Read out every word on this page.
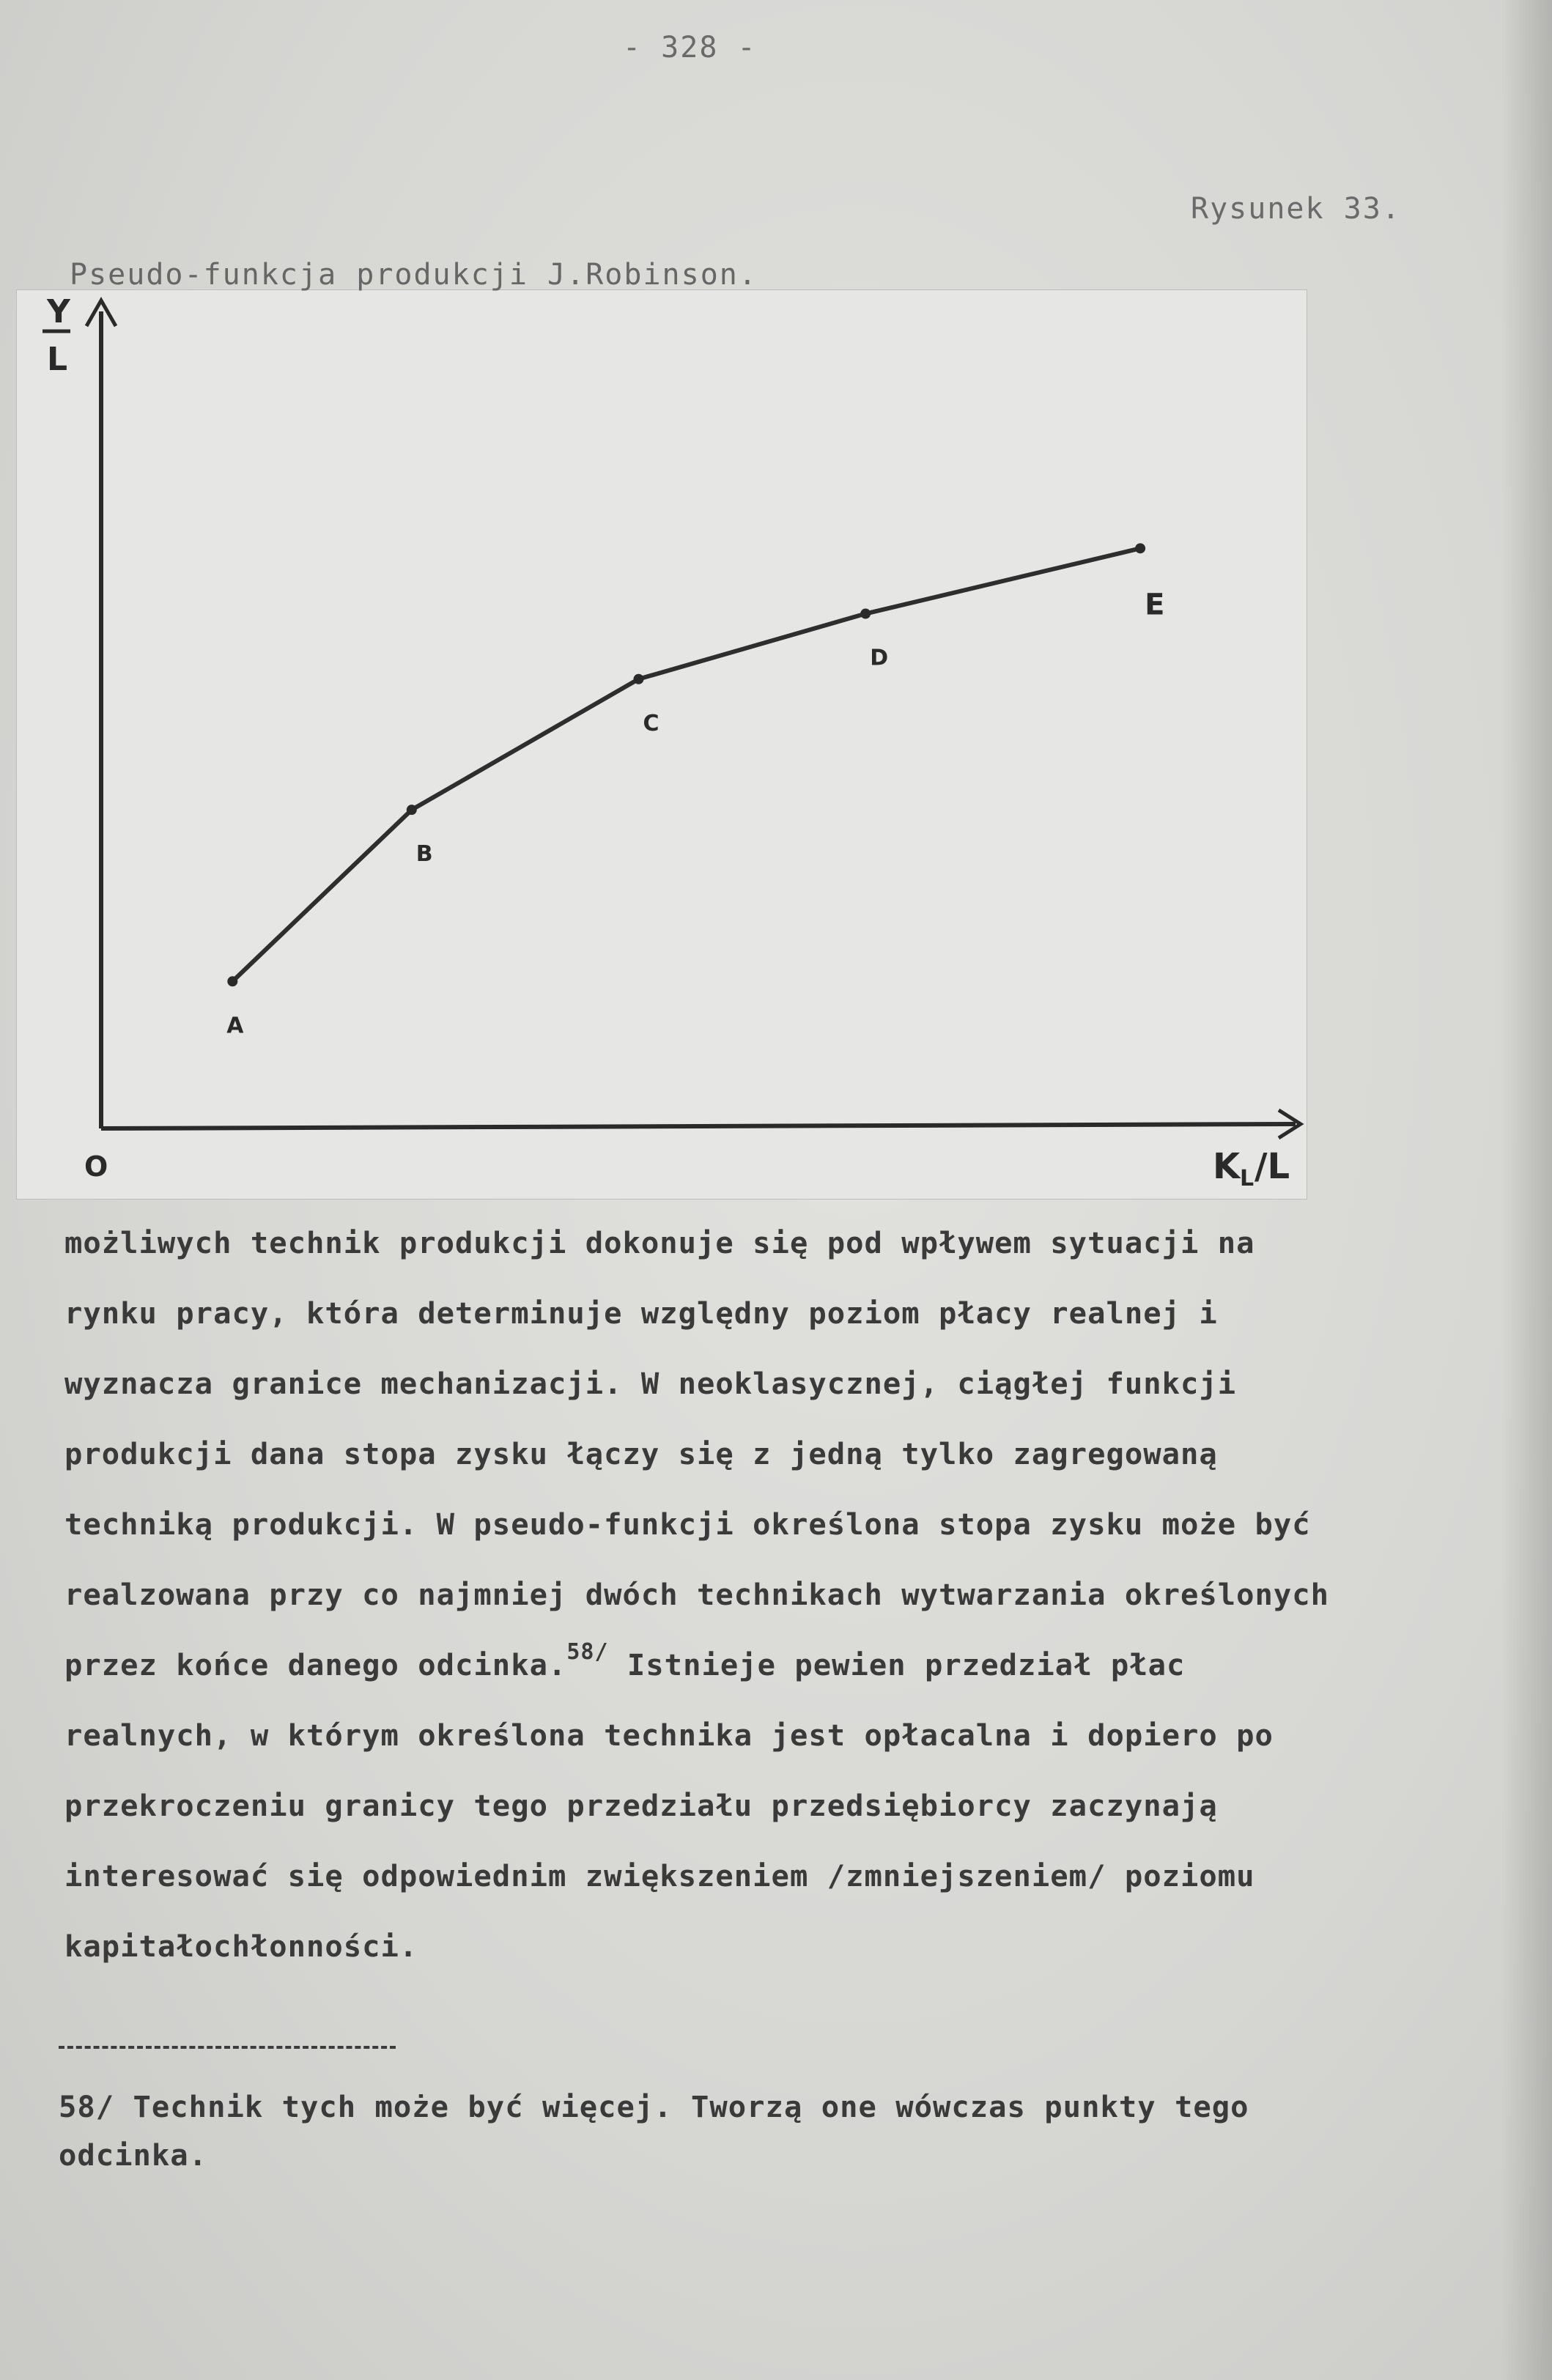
- 328 -
Rysunek 33.
Pseudo-funkcja produkcji J.Robinson.
Y
L
O	K L /L
A
B
C
D
E
możliwych technik produkcji dokonuje się pod wpływem sytuacji na
rynku pracy, która determinuje względny poziom płacy realnej i
wyznacza granice mechanizacji. W neoklasycznej, ciągłej funkcji
produkcji dana stopa zysku łączy się z jedną tylko zagregowaną
techniką produkcji. W pseudo-funkcji określona stopa zysku może być
realzowana przy co najmniej dwóch technikach wytwarzania określonych
przez końce danego odcinka.$^{58/}$ Istnieje pewien przedział płac
realnych, w którym określona technika jest opłacalna i dopiero po
przekroczeniu granicy tego przedziału przedsiębiorcy zaczynają
interesować się odpowiednim zwiększeniem /zmniejszeniem/ poziomu
kapitałochłonności.
58/ Technik tych może być więcej. Tworzą one wówczas punkty tego
odcinka.
